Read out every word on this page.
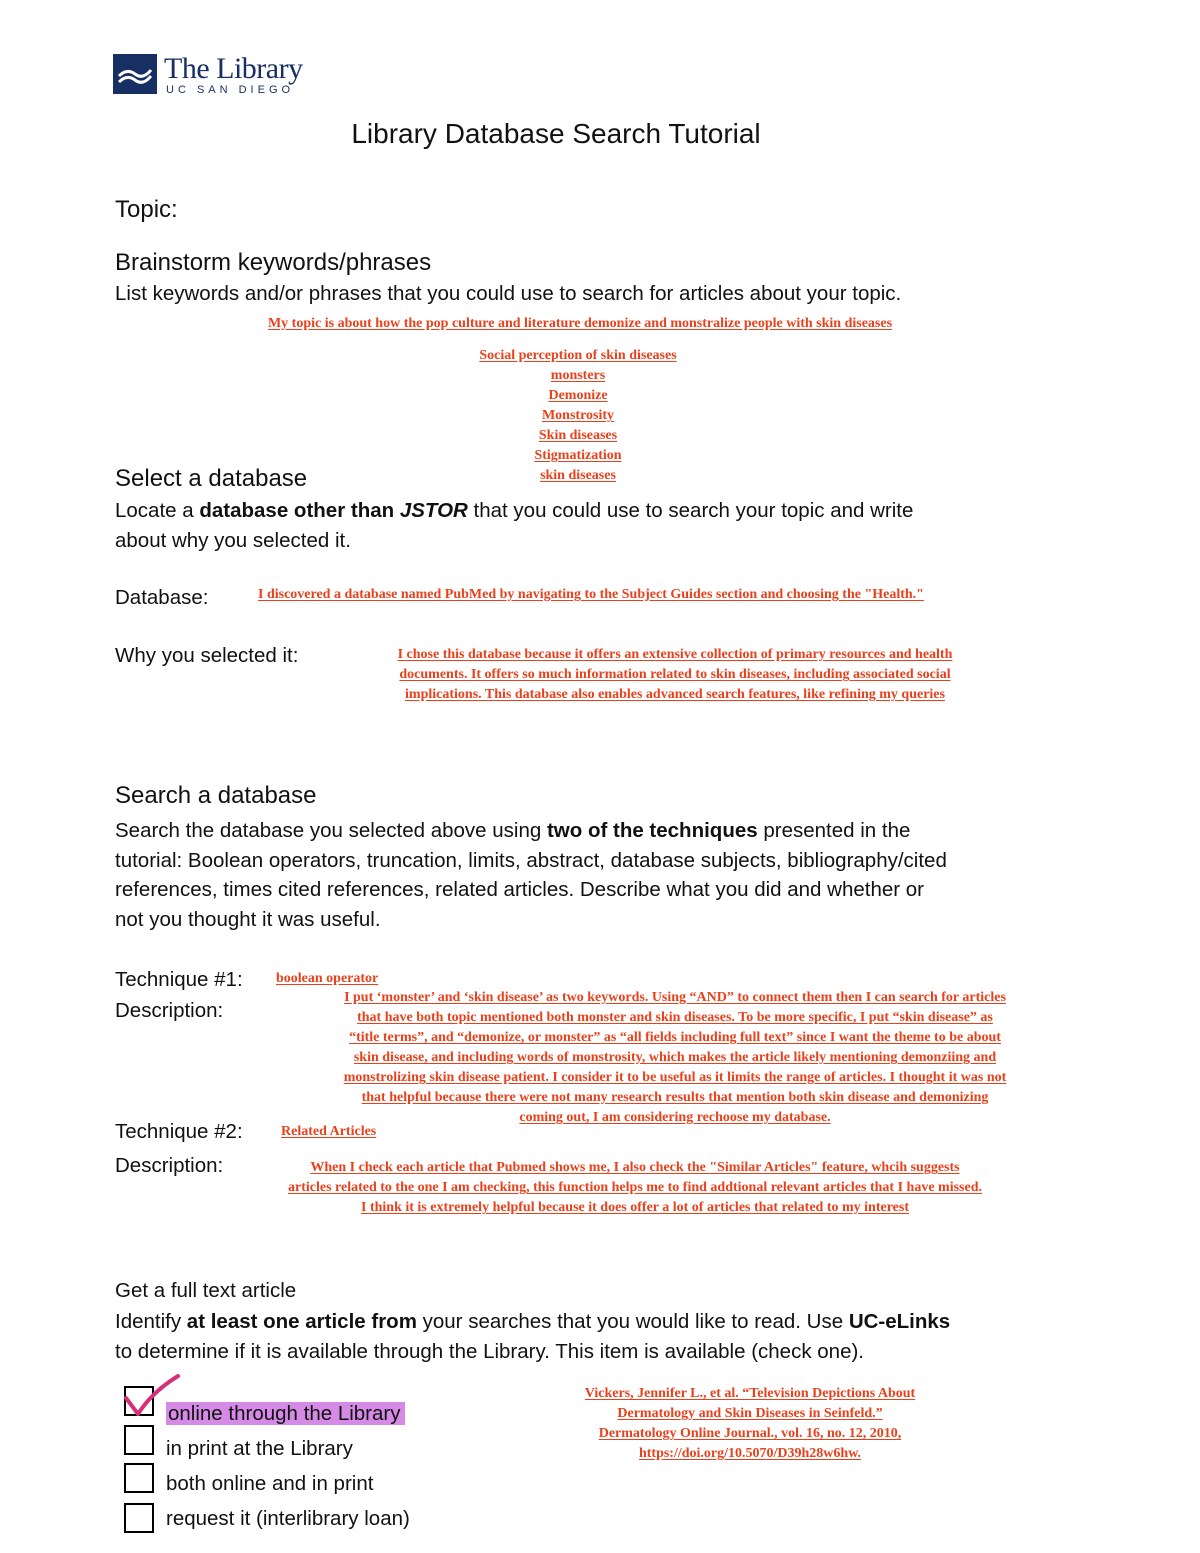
The Library
UC SAN DIEGO
Library Database Search Tutorial
Topic:
Brainstorm keywords/phrases
List keywords and/or phrases that you could use to search for articles about your topic.
My topic is about how the pop culture and literature demonize and monstralize people with skin diseases
Social perception of skin diseases
monsters
Demonize
Monstrosity
Skin diseases
Stigmatization
skin diseases
Select a database
Locate a database other than JSTOR that you could use to search your topic and write
about why you selected it.
Database:	I discovered a database named PubMed by navigating to the Subject Guides section and choosing the "Health."
Why you selected it:	I chose this database because it offers an extensive collection of primary resources and health
documents. It offers so much information related to skin diseases, including associated social
implications. This database also enables advanced search features, like refining my queries
Search a database
Search the database you selected above using two of the techniques presented in the
tutorial: Boolean operators, truncation, limits, abstract, database subjects, bibliography/cited
references, times cited references, related articles. Describe what you did and whether or
not you thought it was useful.
Technique #1: boolean operator
Description:
I put ‘monster’ and ‘skin disease’ as two keywords. Using “AND” to connect them then I can search for articles
that have both topic mentioned both monster and skin diseases. To be more specific, I put “skin disease” as
“title terms”, and “demonize, or monster” as “all fields including full text” since I want the theme to be about
skin disease, and including words of monstrosity, which makes the article likely mentioning demonziing and
monstrolizing skin disease patient. I consider it to be useful as it limits the range of articles. I thought it was not
that helpful because there were not many research results that mention both skin disease and demonizing
coming out, I am considering rechoose my database.
Technique #2:	Related Articles
Description:	When I check each article that Pubmed shows me, I also check the "Similar Articles" feature, whcih suggests
articles related to the one I am checking, this function helps me to find addtional relevant articles that I have missed.
I think it is extremely helpful because it does offer a lot of articles that related to my interest
Get a full text article
Identify at least one article from your searches that you would like to read. Use UC-eLinks
to determine if it is available through the Library. This item is available (check one).
online through the Library
in print at the Library
both online and in print
request it (interlibrary loan)
Vickers, Jennifer L., et al. “Television Depictions About
Dermatology and Skin Diseases in Seinfeld.”
Dermatology Online Journal., vol. 16, no. 12, 2010,
https://doi.org/10.5070/D39h28w6hw.
